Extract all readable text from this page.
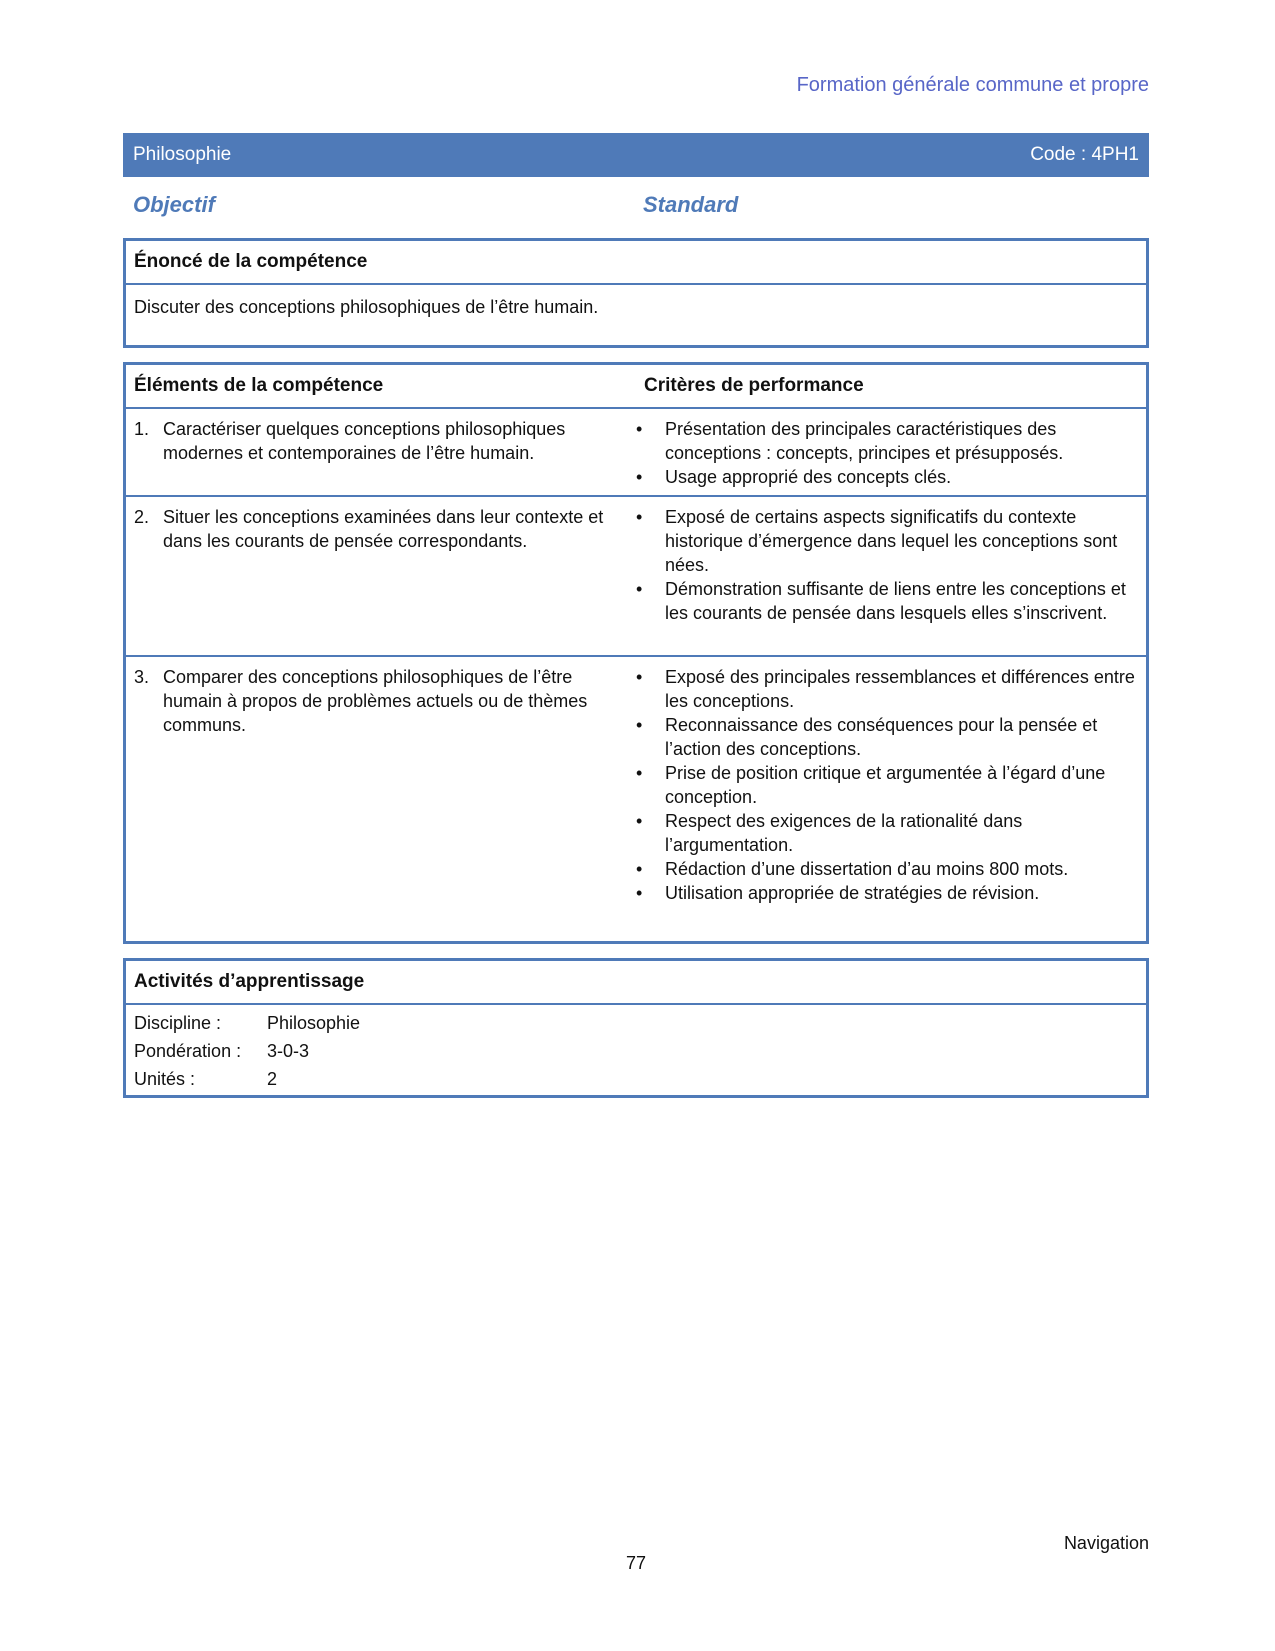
Formation générale commune et propre
Philosophie	Code : 4PH1
Objectif	Standard
Énoncé de la compétence
Discuter des conceptions philosophiques de l’être humain.
Éléments de la compétence	Critères de performance
1. Caractériser quelques conceptions philosophiques modernes et contemporaines de l’être humain.
•	Présentation des principales caractéristiques des conceptions : concepts, principes et présupposés.
•	Usage approprié des concepts clés.
2. Situer les conceptions examinées dans leur contexte et dans les courants de pensée correspondants.
•	Exposé de certains aspects significatifs du contexte historique d’émergence dans lequel les conceptions sont nées.
•	Démonstration suffisante de liens entre les conceptions et les courants de pensée dans lesquels elles s’inscrivent.
3. Comparer des conceptions philosophiques de l’être humain à propos de problèmes actuels ou de thèmes communs.
•	Exposé des principales ressemblances et différences entre les conceptions.
•	Reconnaissance des conséquences pour la pensée et l’action des conceptions.
•	Prise de position critique et argumentée à l’égard d’une conception.
•	Respect des exigences de la rationalité dans l’argumentation.
•	Rédaction d’une dissertation d’au moins 800 mots.
•	Utilisation appropriée de stratégies de révision.
Activités d’apprentissage
Discipline :	Philosophie
Pondération :	3-0-3
Unités :	2
Navigation
77
